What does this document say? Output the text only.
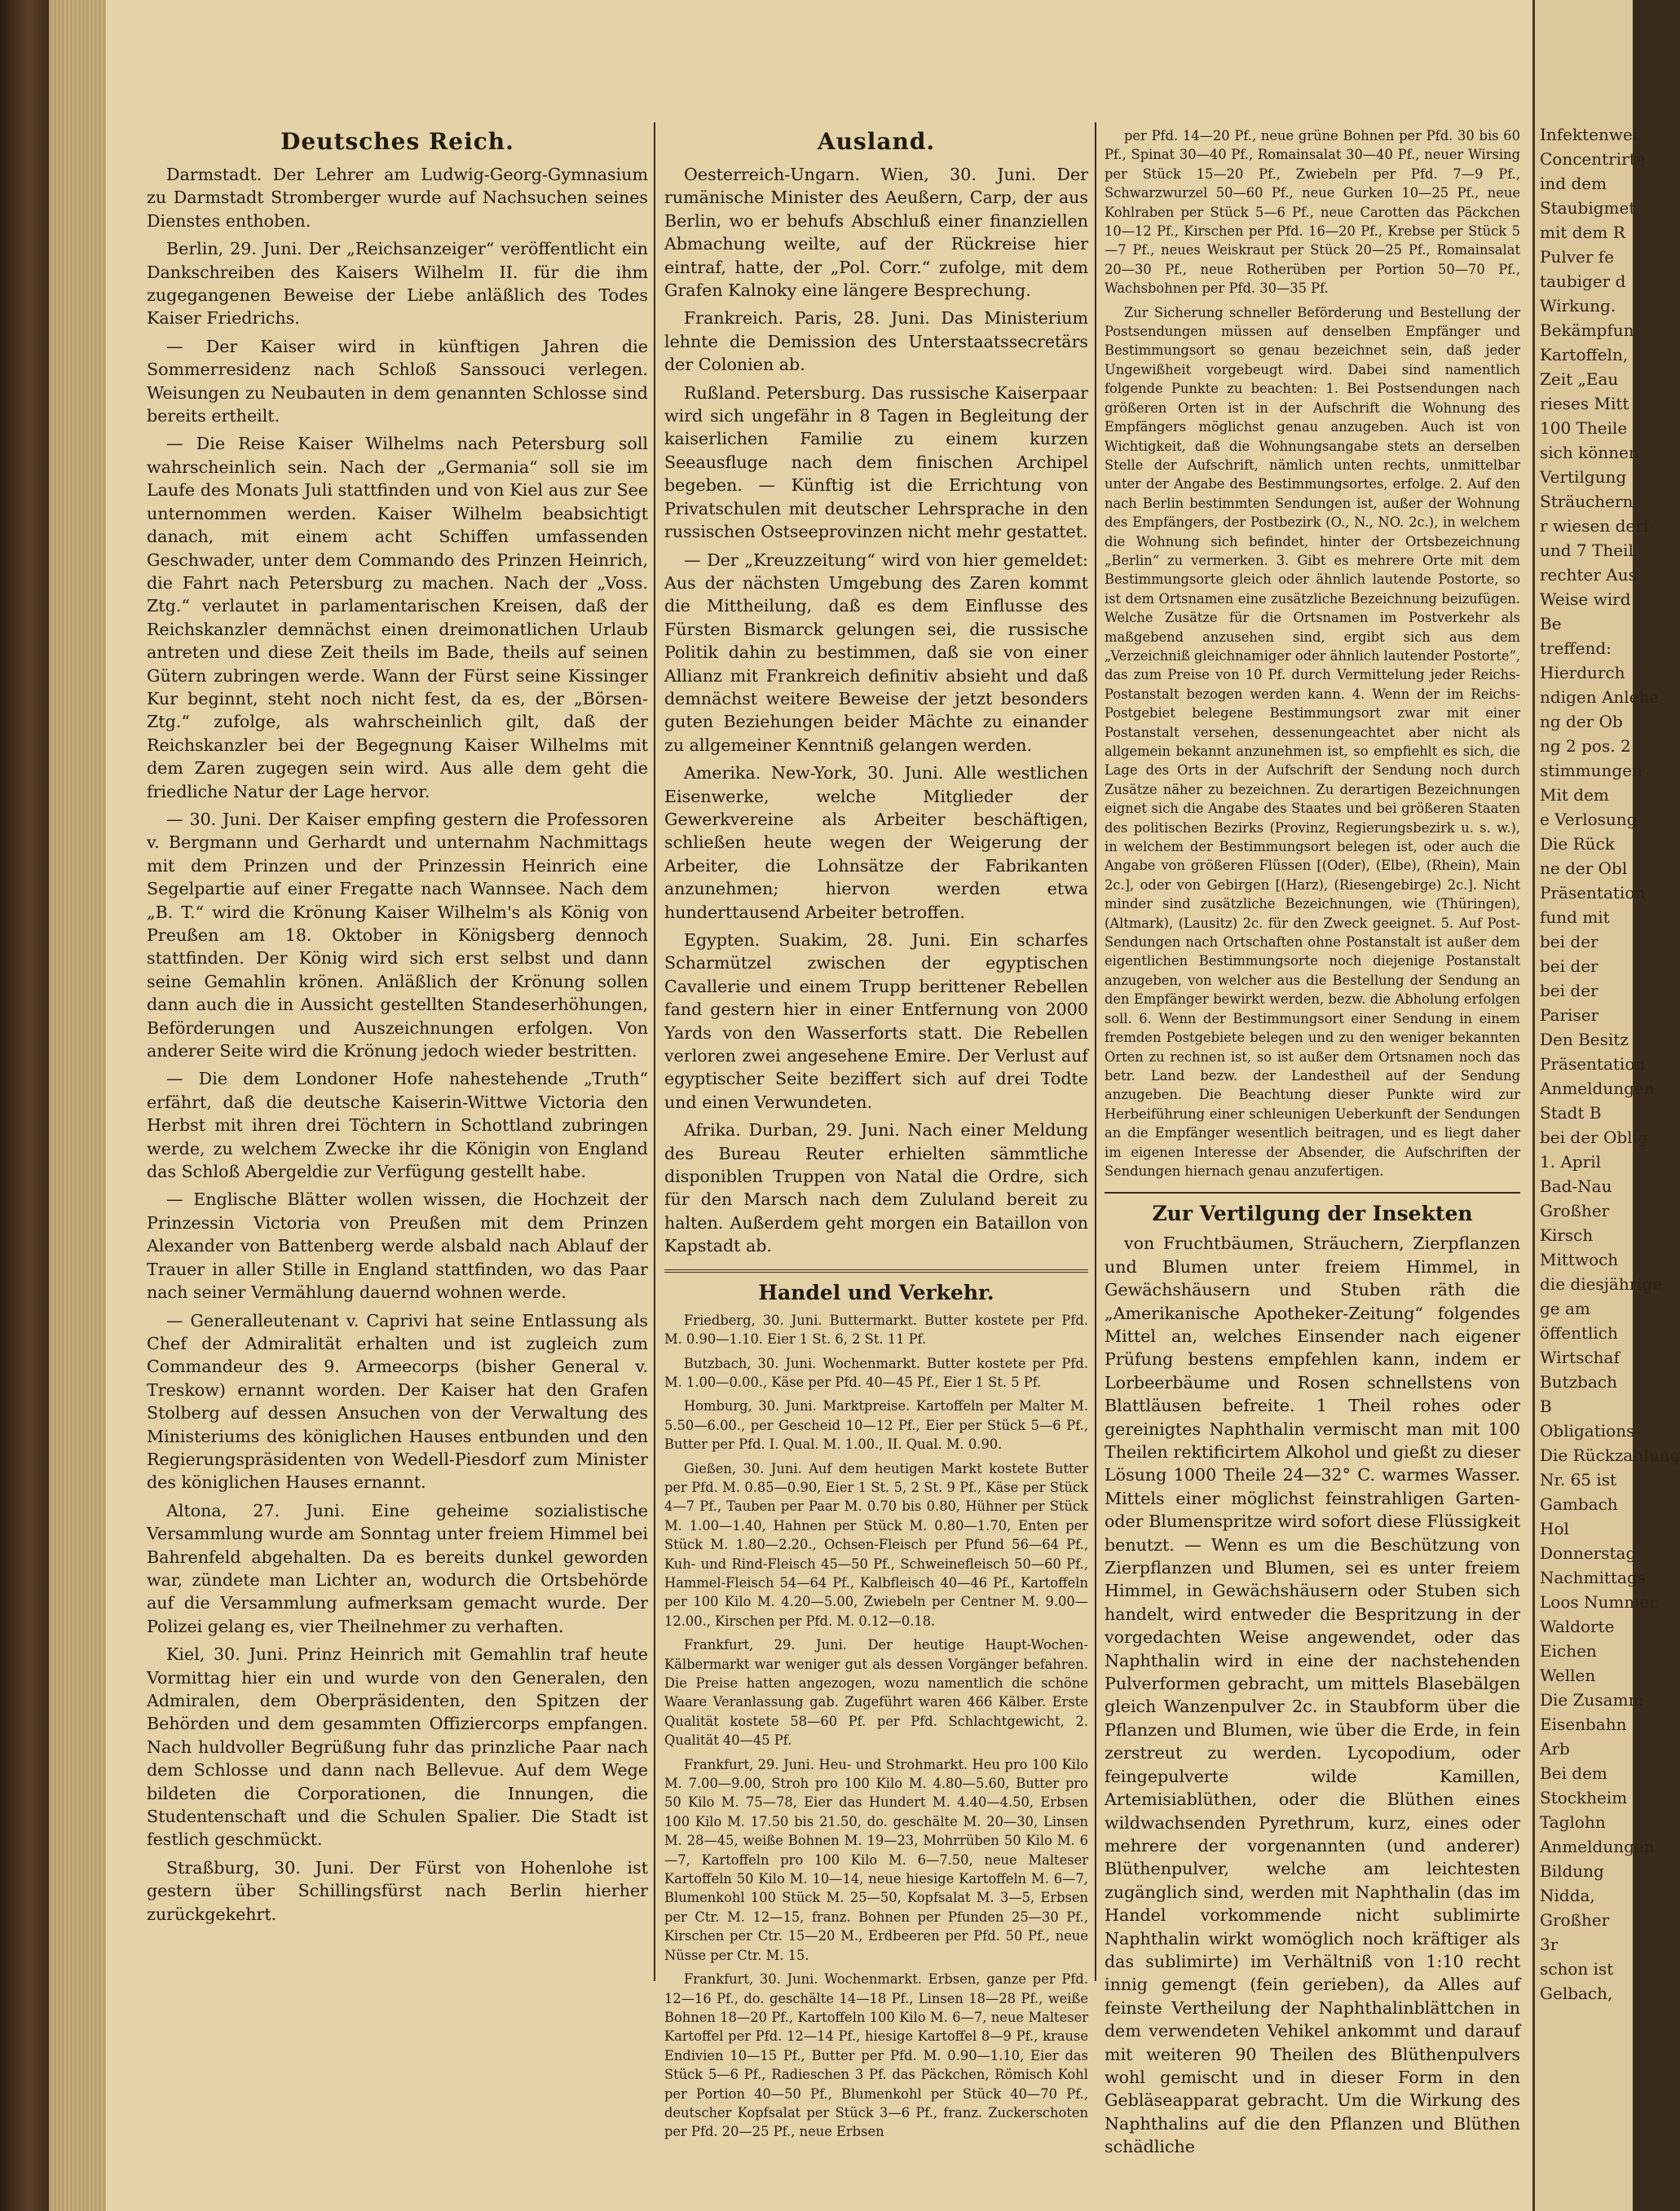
Deutsches Reich.

Darmstadt. Der Lehrer am Ludwig-Georg-Gymnasium zu Darmstadt Stromberger wurde auf Nachsuchen seines Dienstes enthoben.

Berlin, 29. Juni. Der „Reichsanzeiger“ veröffentlicht ein Dankschreiben des Kaisers Wilhelm II. für die ihm zugegangenen Beweise der Liebe anläßlich des Todes Kaiser Friedrichs.

— Der Kaiser wird in künftigen Jahren die Sommerresidenz nach Schloß Sanssouci verlegen. Weisungen zu Neubauten in dem genannten Schlosse sind bereits ertheilt.

— Die Reise Kaiser Wilhelms nach Petersburg soll wahrscheinlich sein. Nach der „Germania“ soll sie im Laufe des Monats Juli stattfinden und von Kiel aus zur See unternommen werden. Kaiser Wilhelm beabsichtigt danach, mit einem acht Schiffen umfassenden Geschwader, unter dem Commando des Prinzen Heinrich, die Fahrt nach Petersburg zu machen. Nach der „Voss. Ztg.“ verlautet in parlamentarischen Kreisen, daß der Reichskanzler demnächst einen dreimonatlichen Urlaub antreten und diese Zeit theils im Bade, theils auf seinen Gütern zubringen werde. Wann der Fürst seine Kissinger Kur beginnt, steht noch nicht fest, da es, der „Börsen-Ztg.“ zufolge, als wahrscheinlich gilt, daß der Reichskanzler bei der Begegnung Kaiser Wilhelms mit dem Zaren zugegen sein wird. Aus alle dem geht die friedliche Natur der Lage hervor.

— 30. Juni. Der Kaiser empfing gestern die Professoren v. Bergmann und Gerhardt und unternahm Nachmittags mit dem Prinzen und der Prinzessin Heinrich eine Segelpartie auf einer Fregatte nach Wannsee. Nach dem „B. T.“ wird die Krönung Kaiser Wilhelm's als König von Preußen am 18. Oktober in Königsberg dennoch stattfinden. Der König wird sich erst selbst und dann seine Gemahlin krönen. Anläßlich der Krönung sollen dann auch die in Aussicht gestellten Standeserhöhungen, Beförderungen und Auszeichnungen erfolgen. Von anderer Seite wird die Krönung jedoch wieder bestritten.

— Die dem Londoner Hofe nahestehende „Truth“ erfährt, daß die deutsche Kaiserin-Wittwe Victoria den Herbst mit ihren drei Töchtern in Schottland zubringen werde, zu welchem Zwecke ihr die Königin von England das Schloß Abergeldie zur Verfügung gestellt habe.

— Englische Blätter wollen wissen, die Hochzeit der Prinzessin Victoria von Preußen mit dem Prinzen Alexander von Battenberg werde alsbald nach Ablauf der Trauer in aller Stille in England stattfinden, wo das Paar nach seiner Vermählung dauernd wohnen werde.

— Generalleutenant v. Caprivi hat seine Entlassung als Chef der Admiralität erhalten und ist zugleich zum Commandeur des 9. Armeecorps (bisher General v. Treskow) ernannt worden. Der Kaiser hat den Grafen Stolberg auf dessen Ansuchen von der Verwaltung des Ministeriums des königlichen Hauses entbunden und den Regierungspräsidenten von Wedell-Piesdorf zum Minister des königlichen Hauses ernannt.

Altona, 27. Juni. Eine geheime sozialistische Versammlung wurde am Sonntag unter freiem Himmel bei Bahrenfeld abgehalten. Da es bereits dunkel geworden war, zündete man Lichter an, wodurch die Ortsbehörde auf die Versammlung aufmerksam gemacht wurde. Der Polizei gelang es, vier Theilnehmer zu verhaften.

Kiel, 30. Juni. Prinz Heinrich mit Gemahlin traf heute Vormittag hier ein und wurde von den Generalen, den Admiralen, dem Oberpräsidenten, den Spitzen der Behörden und dem gesammten Offiziercorps empfangen. Nach huldvoller Begrüßung fuhr das prinzliche Paar nach dem Schlosse und dann nach Bellevue. Auf dem Wege bildeten die Corporationen, die Innungen, die Studentenschaft und die Schulen Spalier. Die Stadt ist festlich geschmückt.

Straßburg, 30. Juni. Der Fürst von Hohenlohe ist gestern über Schillingsfürst nach Berlin hierher zurückgekehrt.

Ausland.

Oesterreich-Ungarn. Wien, 30. Juni. Der rumänische Minister des Aeußern, Carp, der aus Berlin, wo er behufs Abschluß einer finanziellen Abmachung weilte, auf der Rückreise hier eintraf, hatte, der „Pol. Corr.“ zufolge, mit dem Grafen Kalnoky eine längere Besprechung.

Frankreich. Paris, 28. Juni. Das Ministerium lehnte die Demission des Unterstaatssecretärs der Colonien ab.

Rußland. Petersburg. Das russische Kaiserpaar wird sich ungefähr in 8 Tagen in Begleitung der kaiserlichen Familie zu einem kurzen Seeausfluge nach dem finischen Archipel begeben. — Künftig ist die Errichtung von Privatschulen mit deutscher Lehrsprache in den russischen Ostseeprovinzen nicht mehr gestattet.

— Der „Kreuzzeitung“ wird von hier gemeldet: Aus der nächsten Umgebung des Zaren kommt die Mittheilung, daß es dem Einflusse des Fürsten Bismarck gelungen sei, die russische Politik dahin zu bestimmen, daß sie von einer Allianz mit Frankreich definitiv absieht und daß demnächst weitere Beweise der jetzt besonders guten Beziehungen beider Mächte zu einander zu allgemeiner Kenntniß gelangen werden.

Amerika. New-York, 30. Juni. Alle westlichen Eisenwerke, welche Mitglieder der Gewerkvereine als Arbeiter beschäftigen, schließen heute wegen der Weigerung der Arbeiter, die Lohnsätze der Fabrikanten anzunehmen; hiervon werden etwa hunderttausend Arbeiter betroffen.

Egypten. Suakim, 28. Juni. Ein scharfes Scharmützel zwischen der egyptischen Cavallerie und einem Trupp berittener Rebellen fand gestern hier in einer Entfernung von 2000 Yards von den Wasserforts statt. Die Rebellen verloren zwei angesehene Emire. Der Verlust auf egyptischer Seite beziffert sich auf drei Todte und einen Verwundeten.

Afrika. Durban, 29. Juni. Nach einer Meldung des Bureau Reuter erhielten sämmtliche disponiblen Truppen von Natal die Ordre, sich für den Marsch nach dem Zululand bereit zu halten. Außerdem geht morgen ein Bataillon von Kapstadt ab.

Handel und Verkehr.

Friedberg, 30. Juni. Buttermarkt. Butter kostete per Pfd. M. 0.90—1.10. Eier 1 St. 6, 2 St. 11 Pf.

Butzbach, 30. Juni. Wochenmarkt. Butter kostete per Pfd. M. 1.00—0.00., Käse per Pfd. 40—45 Pf., Eier 1 St. 5 Pf.

Homburg, 30. Juni. Marktpreise. Kartoffeln per Malter M. 5.50—6.00., per Gescheid 10—12 Pf., Eier per Stück 5—6 Pf., Butter per Pfd. I. Qual. M. 1.00., II. Qual. M. 0.90.

Gießen, 30. Juni. Auf dem heutigen Markt kostete Butter per Pfd. M. 0.85—0.90, Eier 1 St. 5, 2 St. 9 Pf., Käse per Stück 4—7 Pf., Tauben per Paar M. 0.70 bis 0.80, Hühner per Stück M. 1.00—1.40, Hahnen per Stück M. 0.80—1.70, Enten per Stück M. 1.80—2.20., Ochsen-Fleisch per Pfund 56—64 Pf., Kuh- und Rind-Fleisch 45—50 Pf., Schweinefleisch 50—60 Pf., Hammel-Fleisch 54—64 Pf., Kalbfleisch 40—46 Pf., Kartoffeln per 100 Kilo M. 4.20—5.00, Zwiebeln per Centner M. 9.00—12.00., Kirschen per Pfd. M. 0.12—0.18.

Frankfurt, 29. Juni. Der heutige Haupt-Wochen-Kälbermarkt war weniger gut als dessen Vorgänger befahren. Die Preise hatten angezogen, wozu namentlich die schöne Waare Veranlassung gab. Zugeführt waren 466 Kälber. Erste Qualität kostete 58—60 Pf. per Pfd. Schlachtgewicht, 2. Qualität 40—45 Pf.

Frankfurt, 29. Juni. Heu- und Strohmarkt. Heu pro 100 Kilo M. 7.00—9.00, Stroh pro 100 Kilo M. 4.80—5.60, Butter pro 50 Kilo M. 75—78, Eier das Hundert M. 4.40—4.50, Erbsen 100 Kilo M. 17.50 bis 21.50, do. geschälte M. 20—30, Linsen M. 28—45, weiße Bohnen M. 19—23, Mohrrüben 50 Kilo M. 6—7, Kartoffeln pro 100 Kilo M. 6—7.50, neue Malteser Kartoffeln 50 Kilo M. 10—14, neue hiesige Kartoffeln M. 6—7, Blumenkohl 100 Stück M. 25—50, Kopfsalat M. 3—5, Erbsen per Ctr. M. 12—15, franz. Bohnen per Pfunden 25—30 Pf., Kirschen per Ctr. 15—20 M., Erdbeeren per Pfd. 50 Pf., neue Nüsse per Ctr. M. 15.

Frankfurt, 30. Juni. Wochenmarkt. Erbsen, ganze per Pfd. 12—16 Pf., do. geschälte 14—18 Pf., Linsen 18—28 Pf., weiße Bohnen 18—20 Pf., Kartoffeln 100 Kilo M. 6—7, neue Malteser Kartoffel per Pfd. 12—14 Pf., hiesige Kartoffel 8—9 Pf., krause Endivien 10—15 Pf., Butter per Pfd. M. 0.90—1.10, Eier das Stück 5—6 Pf., Radieschen 3 Pf. das Päckchen, Römisch Kohl per Portion 40—50 Pf., Blumenkohl per Stück 40—70 Pf., deutscher Kopfsalat per Stück 3—6 Pf., franz. Zuckerschoten per Pfd. 20—25 Pf., neue Erbsen

per Pfd. 14—20 Pf., neue grüne Bohnen per Pfd. 30 bis 60 Pf., Spinat 30—40 Pf., Romainsalat 30—40 Pf., neuer Wirsing per Stück 15—20 Pf., Zwiebeln per Pfd. 7—9 Pf., Schwarzwurzel 50—60 Pf., neue Gurken 10—25 Pf., neue Kohlraben per Stück 5—6 Pf., neue Carotten das Päckchen 10—12 Pf., Kirschen per Pfd. 16—20 Pf., Krebse per Stück 5—7 Pf., neues Weiskraut per Stück 20—25 Pf., Romainsalat 20—30 Pf., neue Rotherüben per Portion 50—70 Pf., Wachsbohnen per Pfd. 30—35 Pf.

Zur Sicherung schneller Beförderung und Bestellung der Postsendungen müssen auf denselben Empfänger und Bestimmungsort so genau bezeichnet sein, daß jeder Ungewißheit vorgebeugt wird. Dabei sind namentlich folgende Punkte zu beachten: 1. Bei Postsendungen nach größeren Orten ist in der Aufschrift die Wohnung des Empfängers möglichst genau anzugeben. Auch ist von Wichtigkeit, daß die Wohnungsangabe stets an derselben Stelle der Aufschrift, nämlich unten rechts, unmittelbar unter der Angabe des Bestimmungsortes, erfolge. 2. Auf den nach Berlin bestimmten Sendungen ist, außer der Wohnung des Empfängers, der Postbezirk (O., N., NO. 2c.), in welchem die Wohnung sich befindet, hinter der Ortsbezeichnung „Berlin“ zu vermerken. 3. Gibt es mehrere Orte mit dem Bestimmungsorte gleich oder ähnlich lautende Postorte, so ist dem Ortsnamen eine zusätzliche Bezeichnung beizufügen. Welche Zusätze für die Ortsnamen im Postverkehr als maßgebend anzusehen sind, ergibt sich aus dem „Verzeichniß gleichnamiger oder ähnlich lautender Postorte“, das zum Preise von 10 Pf. durch Vermittelung jeder Reichs-Postanstalt bezogen werden kann. 4. Wenn der im Reichs-Postgebiet belegene Bestimmungsort zwar mit einer Postanstalt versehen, dessenungeachtet aber nicht als allgemein bekannt anzunehmen ist, so empfiehlt es sich, die Lage des Orts in der Aufschrift der Sendung noch durch Zusätze näher zu bezeichnen. Zu derartigen Bezeichnungen eignet sich die Angabe des Staates und bei größeren Staaten des politischen Bezirks (Provinz, Regierungsbezirk u. s. w.), in welchem der Bestimmungsort belegen ist, oder auch die Angabe von größeren Flüssen [(Oder), (Elbe), (Rhein), Main 2c.], oder von Gebirgen [(Harz), (Riesengebirge) 2c.]. Nicht minder sind zusätzliche Bezeichnungen, wie (Thüringen), (Altmark), (Lausitz) 2c. für den Zweck geeignet. 5. Auf Post-Sendungen nach Ortschaften ohne Postanstalt ist außer dem eigentlichen Bestimmungsorte noch diejenige Postanstalt anzugeben, von welcher aus die Bestellung der Sendung an den Empfänger bewirkt werden, bezw. die Abholung erfolgen soll. 6. Wenn der Bestimmungsort einer Sendung in einem fremden Postgebiete belegen und zu den weniger bekannten Orten zu rechnen ist, so ist außer dem Ortsnamen noch das betr. Land bezw. der Landestheil auf der Sendung anzugeben. Die Beachtung dieser Punkte wird zur Herbeiführung einer schleunigen Ueberkunft der Sendungen an die Empfänger wesentlich beitragen, und es liegt daher im eigenen Interesse der Absender, die Aufschriften der Sendungen hiernach genau anzufertigen.

Zur Vertilgung der Insekten

von Fruchtbäumen, Sträuchern, Zierpflanzen und Blumen unter freiem Himmel, in Gewächshäusern und Stuben räth die „Amerikanische Apotheker-Zeitung“ folgendes Mittel an, welches Einsender nach eigener Prüfung bestens empfehlen kann, indem er Lorbeerbäume und Rosen schnellstens von Blattläusen befreite. 1 Theil rohes oder gereinigtes Naphthalin vermischt man mit 100 Theilen rektificirtem Alkohol und gießt zu dieser Lösung 1000 Theile 24—32° C. warmes Wasser. Mittels einer möglichst feinstrahligen Garten- oder Blumenspritze wird sofort diese Flüssigkeit benutzt. — Wenn es um die Beschützung von Zierpflanzen und Blumen, sei es unter freiem Himmel, in Gewächshäusern oder Stuben sich handelt, wird entweder die Bespritzung in der vorgedachten Weise angewendet, oder das Naphthalin wird in eine der nachstehenden Pulverformen gebracht, um mittels Blasebälgen gleich Wanzenpulver 2c. in Staubform über die Pflanzen und Blumen, wie über die Erde, in fein zerstreut zu werden. Lycopodium, oder feingepulverte wilde Kamillen, Artemisiablüthen, oder die Blüthen eines wildwachsenden Pyrethrum, kurz, eines oder mehrere der vorgenannten (und anderer) Blüthenpulver, welche am leichtesten zugänglich sind, werden mit Naphthalin (das im Handel vorkommende nicht sublimirte Naphthalin wirkt womöglich noch kräftiger als das sublimirte) im Verhältniß von 1:10 recht innig gemengt (fein gerieben), da Alles auf feinste Vertheilung der Naphthalinblättchen in dem verwendeten Vehikel ankommt und darauf mit weiteren 90 Theilen des Blüthenpulvers wohl gemischt und in dieser Form in den Gebläseapparat gebracht. Um die Wirkung des Naphthalins auf die den Pflanzen und Blüthen schädliche

Infektenwei
Concentrirte
ind dem
Staubigmet
mit dem R
Pulver fe
taubiger d
Wirkung.
Bekämpfun
Kartoffeln,
Zeit „Eau
rieses Mitt
100 Theile
sich können
Vertilgung
Sträuchern
r wiesen derf
und 7 Theil
rechter Aus
Weise wird
Be
treffend:
Hierdurch
ndigen Anlehe
ng der Ob
ng 2 pos. 2
stimmungen
Mit dem
e Verlosung
Die Rück
ne der Obl
Präsentation
fund mit
bei der
bei der
bei der
Pariser
Den Besitz
Präsentation
Anmeldungen
Stadt B
bei der Oblig
1. April
Bad-Nau
Großher
Kirsch
Mittwoch
die diesjährige
ge am
öffentlich
Wirtschaf
Butzbach
B
Obligations-
Die Rückzahlung
Nr. 65 ist
Gambach
Hol
Donnerstag
Nachmittags
Loos Nummer
Waldorte
Eichen
Wellen
Die Zusamm
Eisenbahn
Arb
Bei dem
Stockheim
Taglohn
Anmeldungen
Bildung
Nidda,
Großher
3r
schon ist
Gelbach,
